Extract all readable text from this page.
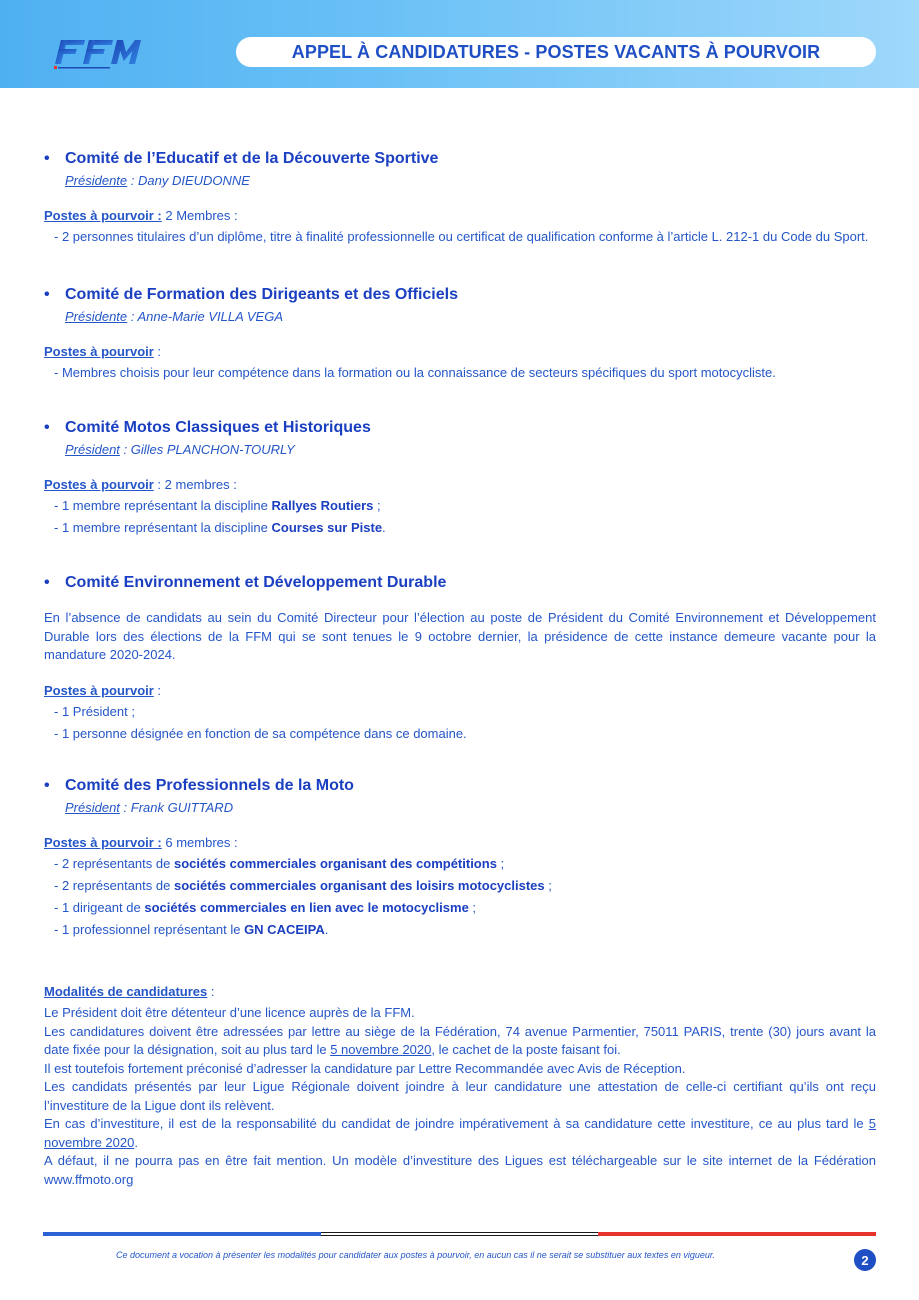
APPEL À CANDIDATURES - POSTES VACANTS À POURVOIR
• Comité de l’Educatif et de la Découverte Sportive
Présidente : Dany DIEUDONNE
Postes à pourvoir : 2 Membres :
- 2 personnes titulaires d’un diplôme, titre à finalité professionnelle ou certificat de qualification conforme à l’article L. 212-1 du Code du Sport.
• Comité de Formation des Dirigeants et des Officiels
Présidente : Anne-Marie VILLA VEGA
Postes à pourvoir :
- Membres choisis pour leur compétence dans la formation ou la connaissance de secteurs spécifiques du sport motocycliste.
• Comité Motos Classiques et Historiques
Président : Gilles PLANCHON-TOURLY
Postes à pourvoir : 2 membres :
- 1 membre représentant la discipline Rallyes Routiers ;
- 1 membre représentant la discipline Courses sur Piste.
• Comité Environnement et Développement Durable
En l’absence de candidats au sein du Comité Directeur pour l’élection au poste de Président du Comité Environnement et Développement Durable lors des élections de la FFM qui se sont tenues le 9 octobre dernier, la présidence de cette instance demeure vacante pour la mandature 2020-2024.
Postes à pourvoir :
- 1 Président ;
- 1 personne désignée en fonction de sa compétence dans ce domaine.
• Comité des Professionnels de la Moto
Président : Frank GUITTARD
Postes à pourvoir : 6 membres :
- 2 représentants de sociétés commerciales organisant des compétitions ;
- 2 représentants de sociétés commerciales organisant des loisirs motocyclistes ;
- 1 dirigeant de sociétés commerciales en lien avec le motocyclisme ;
- 1 professionnel représentant le GN CACEIPA.
Modalités de candidatures :
Le Président doit être détenteur d’une licence auprès de la FFM.
Les candidatures doivent être adressées par lettre au siège de la Fédération, 74 avenue Parmentier, 75011 PARIS, trente (30) jours avant la date fixée pour la désignation, soit au plus tard le 5 novembre 2020, le cachet de la poste faisant foi.
Il est toutefois fortement préconisé d’adresser la candidature par Lettre Recommandée avec Avis de Réception.
Les candidats présentés par leur Ligue Régionale doivent joindre à leur candidature une attestation de celle-ci certifiant qu’ils ont reçu l’investiture de la Ligue dont ils relèvent.
En cas d’investiture, il est de la responsabilité du candidat de joindre impérativement à sa candidature cette investiture, ce au plus tard le 5 novembre 2020.
A défaut, il ne pourra pas en être fait mention. Un modèle d’investiture des Ligues est téléchargeable sur le site internet de la Fédération www.ffmoto.org
Ce document a vocation à présenter les modalités pour candidater aux postes à pourvoir, en aucun cas il ne serait se substituer aux textes en vigueur.	2
